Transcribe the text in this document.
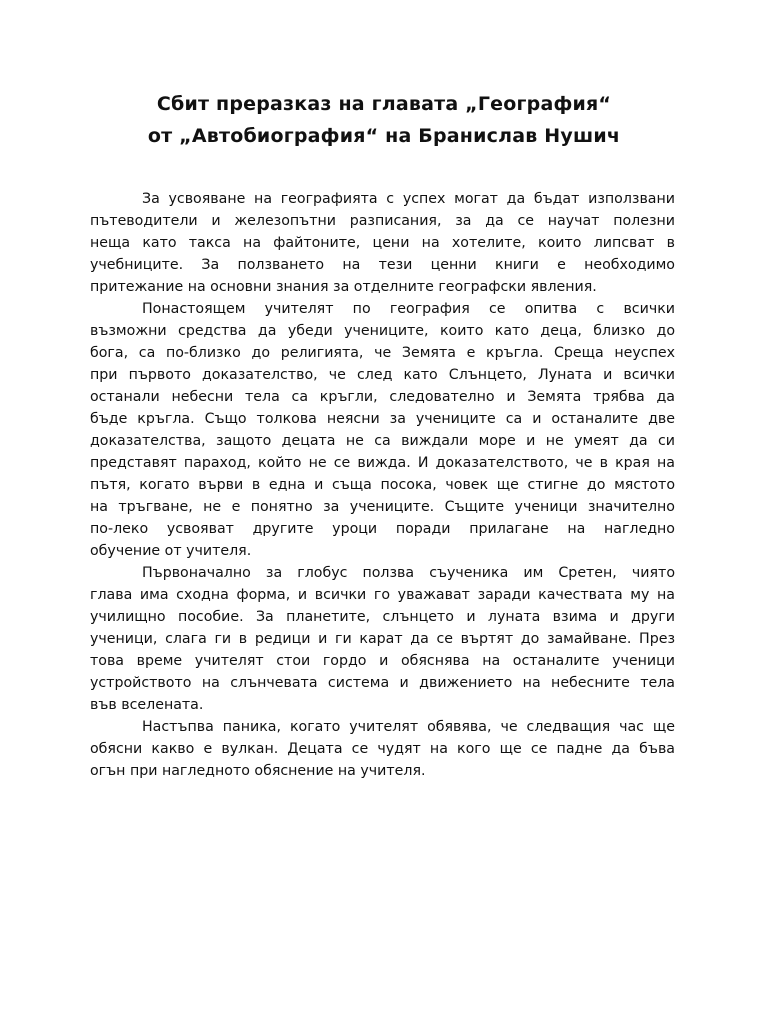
Сбит преразказ на главата „География“
от „Автобиография“ на Бранислав Нушич
За усвояване на географията с успех могат да бъдат използвани
пътеводители и железопътни разписания, за да се научат полезни
неща като такса на файтоните, цени на хотелите, които липсват в
учебниците. За ползването на тези ценни книги е необходимо
притежание на основни знания за отделните географски явления.
Понастоящем учителят по география се опитва с всички
възможни средства да убеди учениците, които като деца, близко до
бога, са по-близко до религията, че Земята е кръгла. Среща неуспех
при първото доказателство, че след като Слънцето, Луната и всички
останали небесни тела са кръгли, следователно и Земята трябва да
бъде кръгла. Също толкова неясни за учениците са и останалите две
доказателства, защото децата не са виждали море и не умеят да си
представят параход, който не се вижда. И доказателството, че в края на
пътя, когато върви в една и съща посока, човек ще стигне до мястото
на тръгване, не е понятно за учениците. Същите ученици значително
по-леко усвояват другите уроци поради прилагане на нагледно
обучение от учителя.
Първоначално за глобус ползва съученика им Сретен, чиято
глава има сходна форма, и всички го уважават заради качествата му на
училищно пособие. За планетите, слънцето и луната взима и други
ученици, слага ги в редици и ги карат да се въртят до замайване. През
това време учителят стои гордо и обяснява на останалите ученици
устройството на слънчевата система и движението на небесните тела
във вселената.
Настъпва паника, когато учителят обявява, че следващия час ще
обясни какво е вулкан. Децата се чудят на кого ще се падне да бъва
огън при нагледното обяснение на учителя.
